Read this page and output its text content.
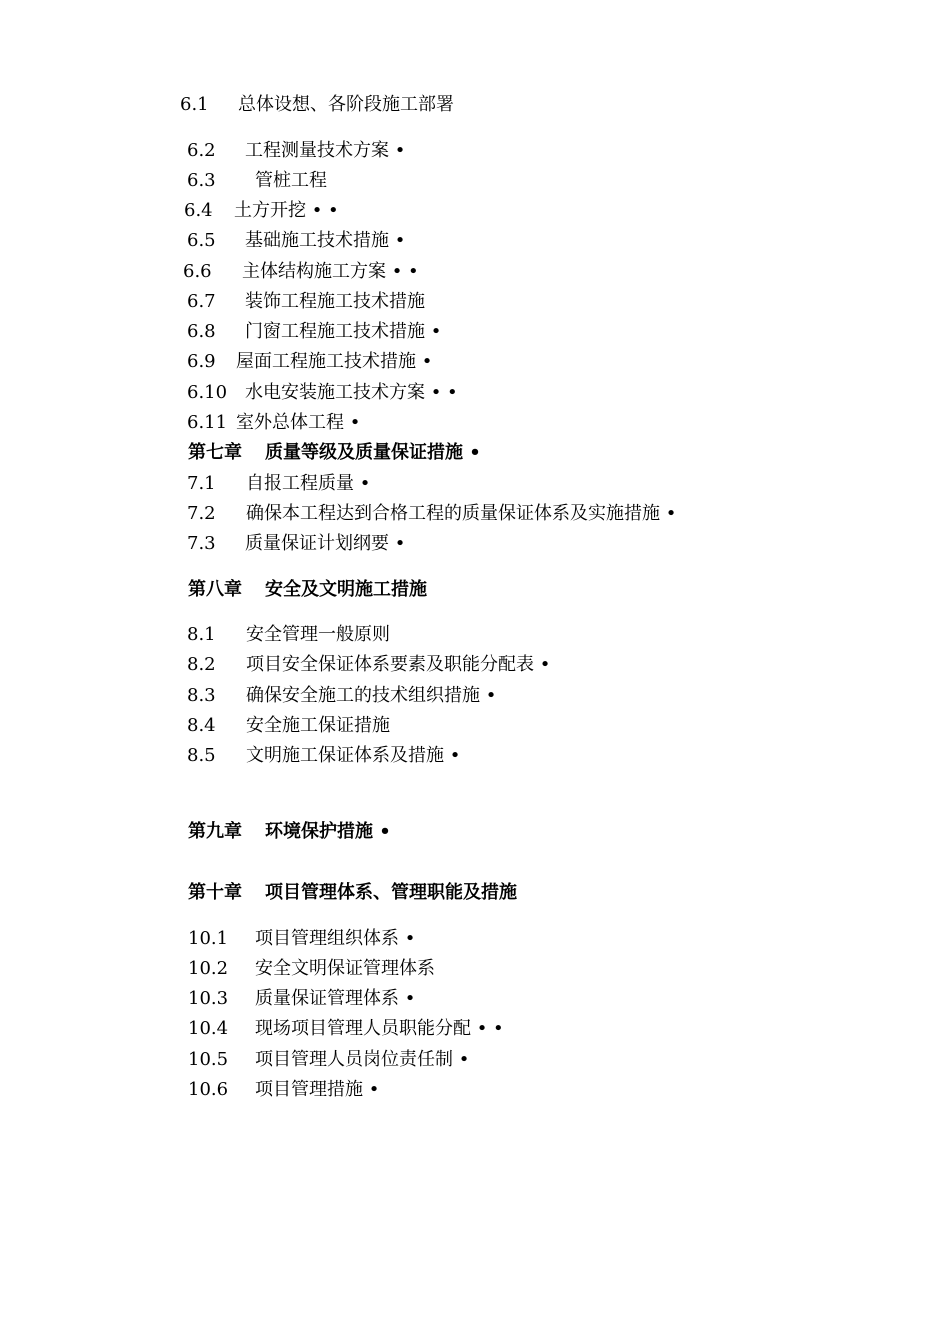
6.1 总体设想、各阶段施工部署
6.2 工程测量技术方案 •
6.3 管桩工程
6.4 土方开挖 • •
6.5 基础施工技术措施 •
6.6 主体结构施工方案 • •
6.7 装饰工程施工技术措施
6.8 门窗工程施工技术措施 •
6.9 屋面工程施工技术措施 •
6.10 水电安装施工技术方案 • •
6.11 室外总体工程 •
第七章 质量等级及质量保证措施 •
7.1 自报工程质量 •
7.2 确保本工程达到合格工程的质量保证体系及实施措施 •
7.3 质量保证计划纲要 •
第八章 安全及文明施工措施
8.1 安全管理一般原则
8.2 项目安全保证体系要素及职能分配表 •
8.3 确保安全施工的技术组织措施 •
8.4 安全施工保证措施
8.5 文明施工保证体系及措施 •
第九章 环境保护措施 •
第十章 项目管理体系、管理职能及措施
10.1 项目管理组织体系 •
10.2 安全文明保证管理体系
10.3 质量保证管理体系 •
10.4 现场项目管理人员职能分配 • •
10.5 项目管理人员岗位责任制 •
10.6 项目管理措施 •
